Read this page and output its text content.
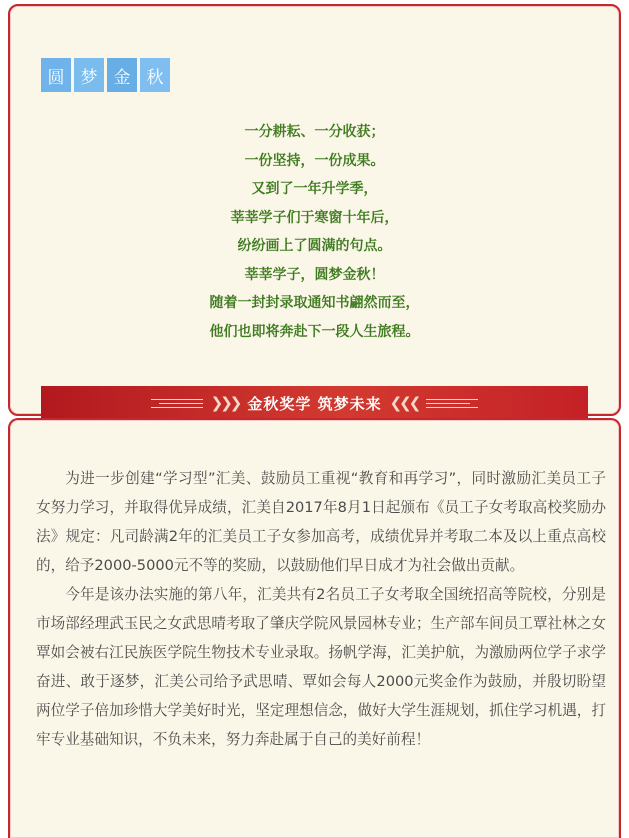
圆 梦 金 秋
一分耕耘、一分收获；
一份坚持，一份成果。
又到了一年升学季，
莘莘学子们于寒窗十年后，
纷纷画上了圆满的句点。
莘莘学子，圆梦金秋！
随着一封封录取通知书翩然而至，
他们也即将奔赴下一段人生旅程。
❯❯❯ 金秋奖学 筑梦未来 ❮❮❮

为进一步创建“学习型”汇美、鼓励员工重视“教育和再学习”，同时激励汇美员工子女努力学习，并取得优异成绩，汇美自2017年8月1日起颁布《员工子女考取高校奖励办法》规定：凡司龄满2年的汇美员工子女参加高考，成绩优异并考取二本及以上重点高校的，给予2000-5000元不等的奖励，以鼓励他们早日成才为社会做出贡献。

今年是该办法实施的第八年，汇美共有2名员工子女考取全国统招高等院校，分别是市场部经理武玉民之女武思晴考取了肇庆学院风景园林专业；生产部车间员工覃社林之女覃如会被右江民族医学院生物技术专业录取。扬帆学海，汇美护航，为激励两位学子求学奋进、敢于逐梦，汇美公司给予武思晴、覃如会每人2000元奖金作为鼓励，并殷切盼望两位学子倍加珍惜大学美好时光，坚定理想信念，做好大学生涯规划，抓住学习机遇，打牢专业基础知识，不负未来，努力奔赴属于自己的美好前程！
